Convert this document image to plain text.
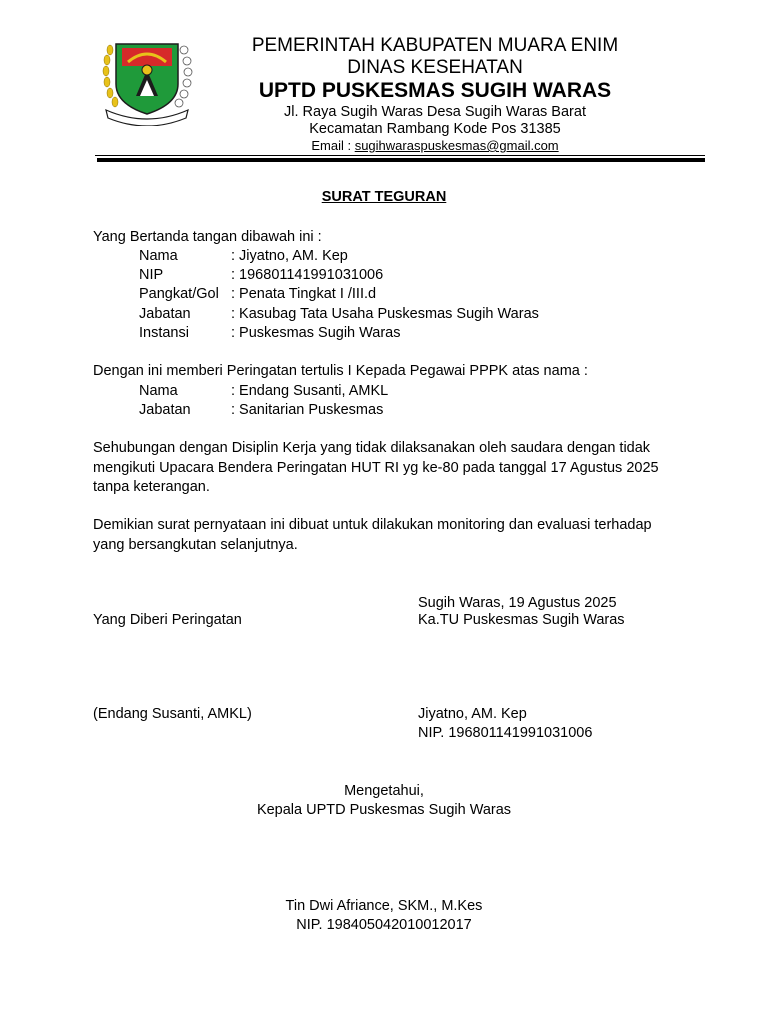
PEMERINTAH KABUPATEN MUARA ENIM
DINAS KESEHATAN
UPTD PUSKESMAS SUGIH WARAS
Jl. Raya Sugih Waras Desa Sugih Waras Barat
Kecamatan Rambang Kode Pos 31385
Email : sugihwaraspuskesmas@gmail.com
SURAT TEGURAN
Yang Bertanda tangan dibawah ini :
Nama	: Jiyatno, AM. Kep
NIP	: 196801141991031006
Pangkat/Gol : Penata Tingkat I /III.d
Jabatan	: Kasubag Tata Usaha Puskesmas Sugih Waras
Instansi	: Puskesmas Sugih Waras
Dengan ini memberi Peringatan tertulis I Kepada Pegawai PPPK atas nama :
Nama	: Endang Susanti, AMKL
Jabatan	: Sanitarian Puskesmas
Sehubungan dengan Disiplin Kerja yang tidak dilaksanakan oleh saudara dengan tidak mengikuti Upacara Bendera Peringatan HUT RI yg ke-80 pada tanggal 17 Agustus 2025 tanpa keterangan.
Demikian surat pernyataan ini dibuat untuk dilakukan monitoring dan evaluasi terhadap yang bersangkutan selanjutnya.
Sugih Waras, 19 Agustus 2025
Yang Diberi Peringatan	Ka.TU Puskesmas Sugih Waras
(Endang Susanti, AMKL)	Jiyatno, AM. Kep
NIP. 196801141991031006
Mengetahui,
Kepala UPTD Puskesmas Sugih Waras
Tin Dwi Afriance, SKM., M.Kes
NIP. 198405042010012017
